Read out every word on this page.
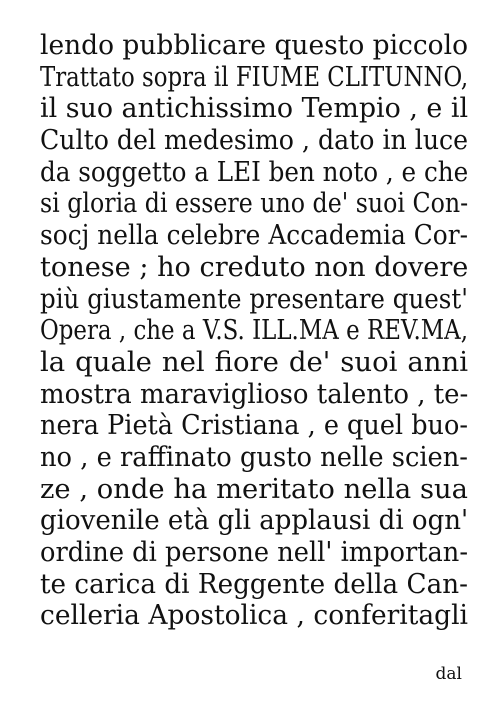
lendo pubblicare questo piccolo
Trattato sopra il FIUME CLITUNNO,
il suo antichissimo Tempio , e il
Culto del medesimo , dato in luce
da soggetto a LEI ben noto , e che
si gloria di essere uno de' suoi Con-
socj nella celebre Accademia Cor-
tonese ; ho creduto non dovere
più giustamente presentare quest'
Opera , che a V.S. ILL.MA e REV.MA,
la quale nel fiore de' suoi anni
mostra maraviglioso talento , te-
nera Pietà Cristiana , e quel buo-
no , e raffinato gusto nelle scien-
ze , onde ha meritato nella sua
giovenile età gli applausi di ogn'
ordine di persone nell' importan-
te carica di Reggente della Can-
celleria Apostolica , conferitagli
dal
